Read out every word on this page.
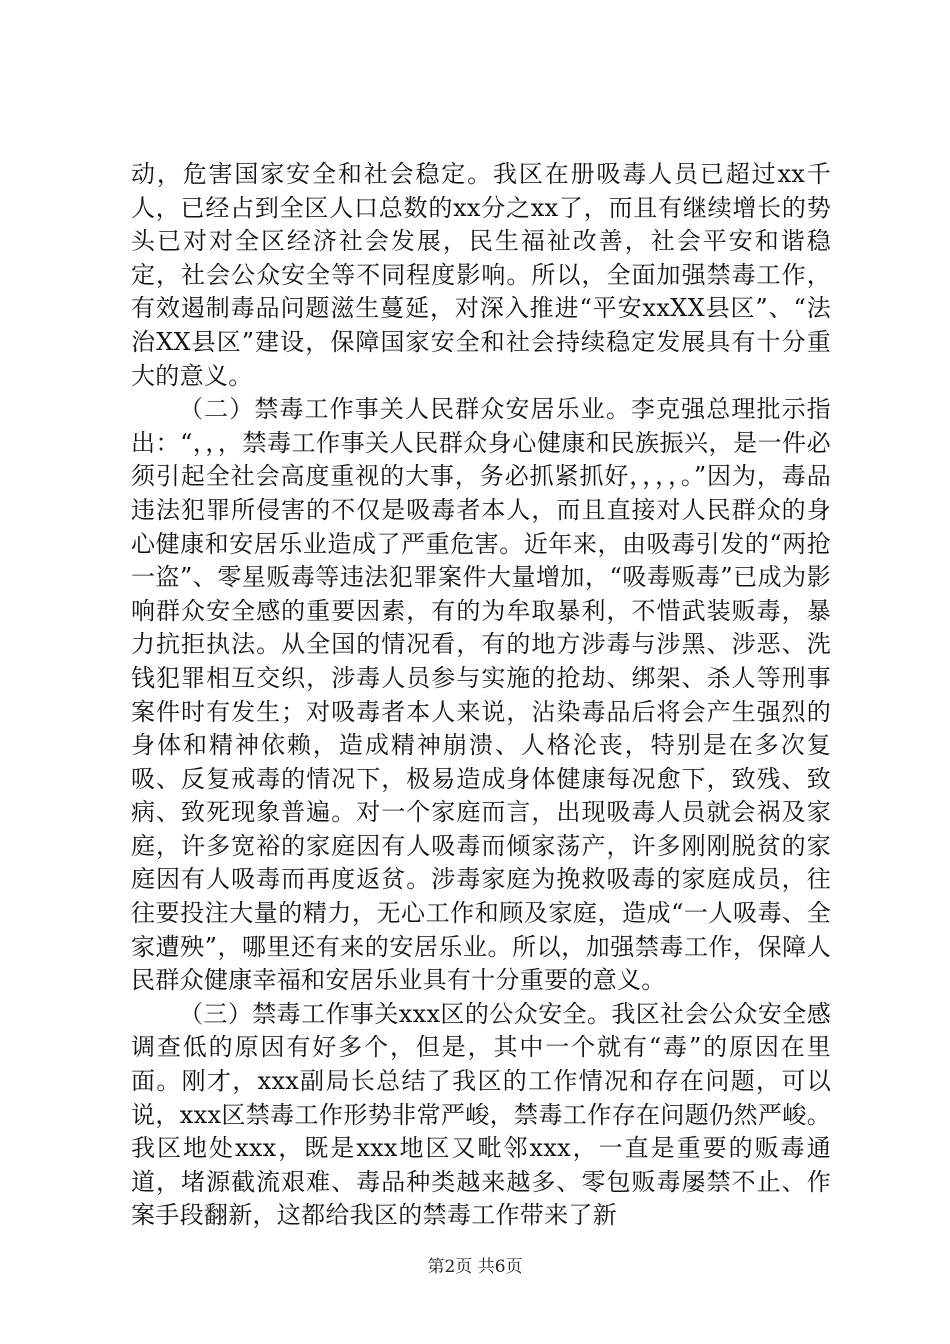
动，危害国家安全和社会稳定。我区在册吸毒人员已超过xx千人，已经占到全区人口总数的xx分之xx了，而且有继续增长的势头已对对全区经济社会发展，民生福祉改善，社会平安和谐稳定，社会公众安全等不同程度影响。所以，全面加强禁毒工作，有效遏制毒品问题滋生蔓延，对深入推进“平安xxXX县区”、“法治XX县区”建设，保障国家安全和社会持续稳定发展具有十分重大的意义。

（二）禁毒工作事关人民群众安居乐业。李克强总理批示指出：“，，，禁毒工作事关人民群众身心健康和民族振兴，是一件必须引起全社会高度重视的大事，务必抓紧抓好，，，，。”因为，毒品违法犯罪所侵害的不仅是吸毒者本人，而且直接对人民群众的身心健康和安居乐业造成了严重危害。近年来，由吸毒引发的“两抢一盗”、零星贩毒等违法犯罪案件大量增加，“吸毒贩毒”已成为影响群众安全感的重要因素，有的为牟取暴利，不惜武装贩毒，暴力抗拒执法。从全国的情况看，有的地方涉毒与涉黑、涉恶、洗钱犯罪相互交织，涉毒人员参与实施的抢劫、绑架、杀人等刑事案件时有发生；对吸毒者本人来说，沾染毒品后将会产生强烈的身体和精神依赖，造成精神崩溃、人格沦丧，特别是在多次复吸、反复戒毒的情况下，极易造成身体健康每况愈下，致残、致病、致死现象普遍。对一个家庭而言，出现吸毒人员就会祸及家庭，许多宽裕的家庭因有人吸毒而倾家荡产，许多刚刚脱贫的家庭因有人吸毒而再度返贫。涉毒家庭为挽救吸毒的家庭成员，往往要投注大量的精力，无心工作和顾及家庭，造成“一人吸毒、全家遭殃”，哪里还有来的安居乐业。所以，加强禁毒工作，保障人民群众健康幸福和安居乐业具有十分重要的意义。

（三）禁毒工作事关xxx区的公众安全。我区社会公众安全感调查低的原因有好多个，但是，其中一个就有“毒”的原因在里面。刚才，xxx副局长总结了我区的工作情况和存在问题，可以说，xxx区禁毒工作形势非常严峻，禁毒工作存在问题仍然严峻。我区地处xxx，既是xxx地区又毗邻xxx，一直是重要的贩毒通道，堵源截流艰难、毒品种类越来越多、零包贩毒屡禁不止、作案手段翻新，这都给我区的禁毒工作带来了新

第2页 共6页
